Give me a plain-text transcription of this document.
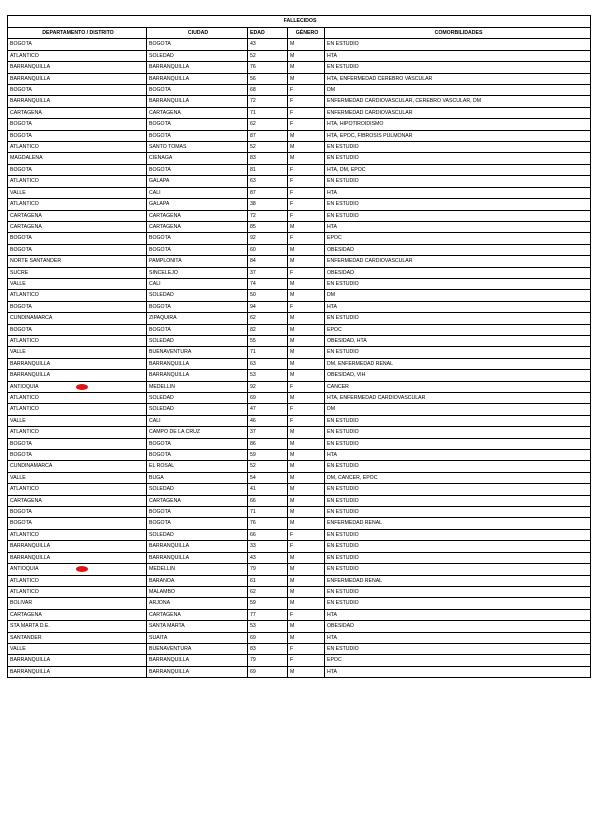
FALLECIDOS				
DEPARTAMENTO / DISTRITO	CIUDAD	EDAD	GÉNERO	COMORBILIDADES
BOGOTA	BOGOTA	43	M	EN ESTUDIO
ATLANTICO	SOLEDAD	52	M	HTA
BARRANQUILLA	BARRANQUILLA	76	M	EN ESTUDIO
BARRANQUILLA	BARRANQUILLA	56	M	HTA, ENFERMEDAD CEREBRO VASCULAR
BOGOTA	BOGOTA	68	F	DM
BARRANQUILLA	BARRANQUILLA	72	F	ENFERMEDAD CARDIOVASCULAR, CEREBRO VASCULAR, DM
CARTAGENA	CARTAGENA	71	F	ENFERMEDAD CARDIOVASCULAR
BOGOTA	BOGOTA	62	F	HTA, HIPOTIROIDISMO
BOGOTA	BOGOTA	87	M	HTA, EPOC, FIBROSIS PULMONAR
ATLANTICO	SANTO TOMAS	52	M	EN ESTUDIO
MAGDALENA	CIENAGA	83	M	EN ESTUDIO
BOGOTA	BOGOTA	81	F	HTA, DM, EPOC
ATLANTICO	GALAPA	63	F	EN ESTUDIO
VALLE	CALI	87	F	HTA
ATLANTICO	GALAPA	38	F	EN ESTUDIO
CARTAGENA	CARTAGENA	72	F	EN ESTUDIO
CARTAGENA	CARTAGENA	85	M	HTA
BOGOTA	BOGOTA	92	F	EPOC
BOGOTA	BOGOTA	60	M	OBESIDAD
NORTE SANTANDER	PAMPLONITA	84	M	ENFERMEDAD CARDIOVASCULAR
SUCRE	SINCELEJO	37	F	OBESIDAD
VALLE	CALI	74	M	EN ESTUDIO
ATLANTICO	SOLEDAD	50	M	DM
BOGOTA	BOGOTA	94	F	HTA
CUNDINAMARCA	ZIPAQUIRA	62	M	EN ESTUDIO
BOGOTA	BOGOTA	82	M	EPOC
ATLANTICO	SOLEDAD	55	M	OBESIDAD, HTA
VALLE	BUENAVENTURA	71	M	EN ESTUDIO
BARRANQUILLA	BARRANQUILLA	63	M	DM, ENFERMEDAD RENAL
BARRANQUILLA	BARRANQUILLA	53	M	OBESIDAD, VIH
ANTIOQUIA	MEDELLIN	92	F	CANCER
ATLANTICO	SOLEDAD	69	M	HTA, ENFERMEDAD CARDIOVASCULAR
ATLANTICO	SOLEDAD	47	F	DM
VALLE	CALI	46	F	EN ESTUDIO
ATLANTICO	CAMPO DE LA CRUZ	37	M	EN ESTUDIO
BOGOTA	BOGOTA	86	M	EN ESTUDIO
BOGOTA	BOGOTA	59	M	HTA
CUNDINAMARCA	EL ROSAL	52	M	EN ESTUDIO
VALLE	BUGA	54	M	DM, CANCER, EPOC
ATLANTICO	SOLEDAD	41	M	EN ESTUDIO
CARTAGENA	CARTAGENA	66	M	EN ESTUDIO
BOGOTA	BOGOTA	71	M	EN ESTUDIO
BOGOTA	BOGOTA	76	M	ENFERMEDAD RENAL
ATLANTICO	SOLEDAD	66	F	EN ESTUDIO
BARRANQUILLA	BARRANQUILLA	33	F	EN ESTUDIO
BARRANQUILLA	BARRANQUILLA	43	M	EN ESTUDIO
ANTIOQUIA	MEDELLIN	79	M	EN ESTUDIO
ATLANTICO	BARANOA	61	M	ENFERMEDAD RENAL
ATLANTICO	MALAMBO	62	M	EN ESTUDIO
BOLIVAR	ARJONA	59	M	EN ESTUDIO
CARTAGENA	CARTAGENA	77	F	HTA
STA MARTA D.E.	SANTA MARTA	53	M	OBESIDAD
SANTANDER	SUAITA	69	M	HTA
VALLE	BUENAVENTURA	83	F	EN ESTUDIO
BARRANQUILLA	BARRANQUILLA	79	F	EPOC
BARRANQUILLA	BARRANQUILLA	69	M	HTA
